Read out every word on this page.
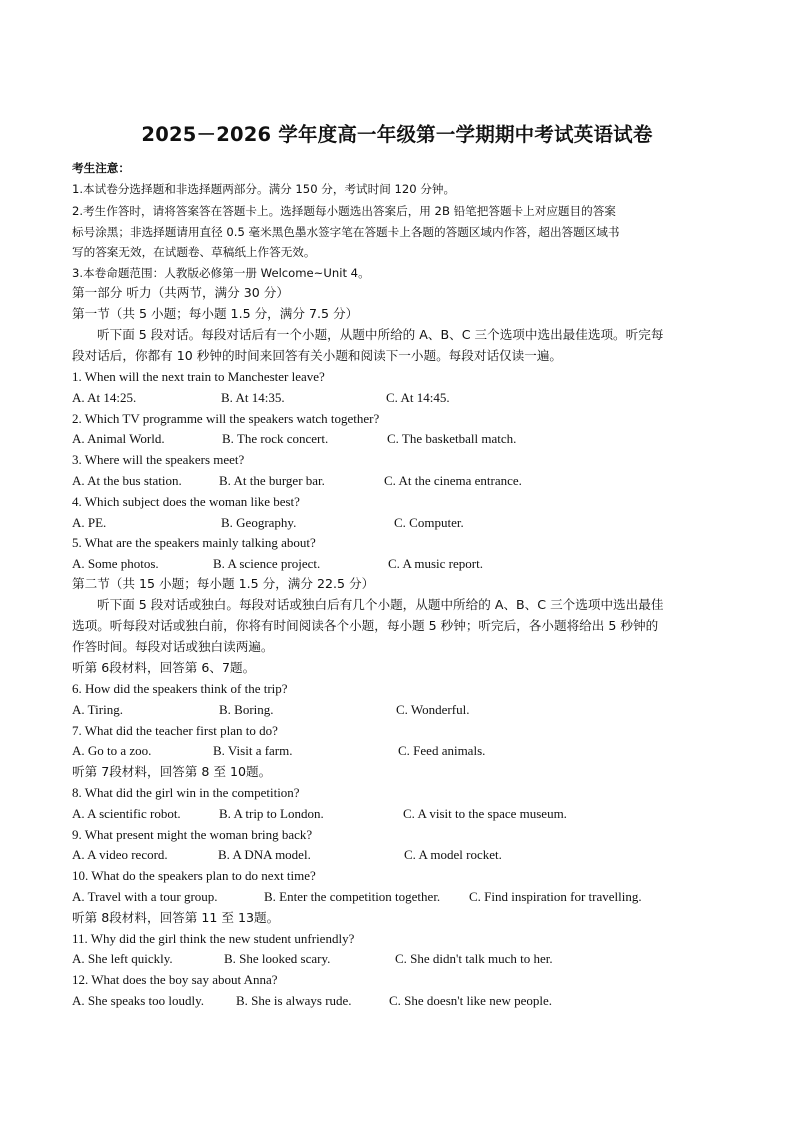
2025－2026 学年度高一年级第一学期期中考试英语试卷
考生注意：
1.本试卷分选择题和非选择题两部分。满分 150 分，考试时间 120 分钟。
2.考生作答时，请将答案答在答题卡上。选择题每小题选出答案后，用 2B 铅笔把答题卡上对应题目的答案
标号涂黑；非选择题请用直径 0.5 毫米黑色墨水签字笔在答题卡上各题的答题区域内作答，超出答题区域书
写的答案无效，在试题卷、草稿纸上作答无效。
3.本卷命题范围：人教版必修第一册 Welcome~Unit 4。
第一部分 听力（共两节，满分 30 分）
第一节（共 5 小题；每小题 1.5 分，满分 7.5 分）
听下面 5 段对话。每段对话后有一个小题，从题中所给的 A、B、C 三个选项中选出最佳选项。听完每
段对话后，你都有 10 秒钟的时间来回答有关小题和阅读下一小题。每段对话仅读一遍。
1. When will the next train to Manchester leave?
A. At 14:25.	B. At 14:35.	C. At 14:45.
2. Which TV programme will the speakers watch together?
A. Animal World.	B. The rock concert.	C. The basketball match.
3. Where will the speakers meet?
A. At the bus station.	B. At the burger bar.	C. At the cinema entrance.
4. Which subject does the woman like best?
A. PE.	B. Geography.	C. Computer.
5. What are the speakers mainly talking about?
A. Some photos.	B. A science project.	C. A music report.
第二节（共 15 小题；每小题 1.5 分，满分 22.5 分）
听下面 5 段对话或独白。每段对话或独白后有几个小题，从题中所给的 A、B、C 三个选项中选出最佳
选项。听每段对话或独白前，你将有时间阅读各个小题，每小题 5 秒钟；听完后，各小题将给出 5 秒钟的
作答时间。每段对话或独白读两遍。
听第 6段材料，回答第 6、7题。
6. How did the speakers think of the trip?
A. Tiring.	B. Boring.	C. Wonderful.
7. What did the teacher first plan to do?
A. Go to a zoo.	B. Visit a farm.	C. Feed animals.
听第 7段材料，回答第 8 至 10题。
8. What did the girl win in the competition?
A. A scientific robot.	B. A trip to London.	C. A visit to the space museum.
9. What present might the woman bring back?
A. A video record.	B. A DNA model.	C. A model rocket.
10. What do the speakers plan to do next time?
A. Travel with a tour group.	B. Enter the competition together. C. Find inspiration for travelling.
听第 8段材料，回答第 11 至 13题。
11. Why did the girl think the new student unfriendly?
A. She left quickly.	B. She looked scary.	C. She didn't talk much to her.
12. What does the boy say about Anna?
A. She speaks too loudly. B. She is always rude.	C. She doesn't like new people.
